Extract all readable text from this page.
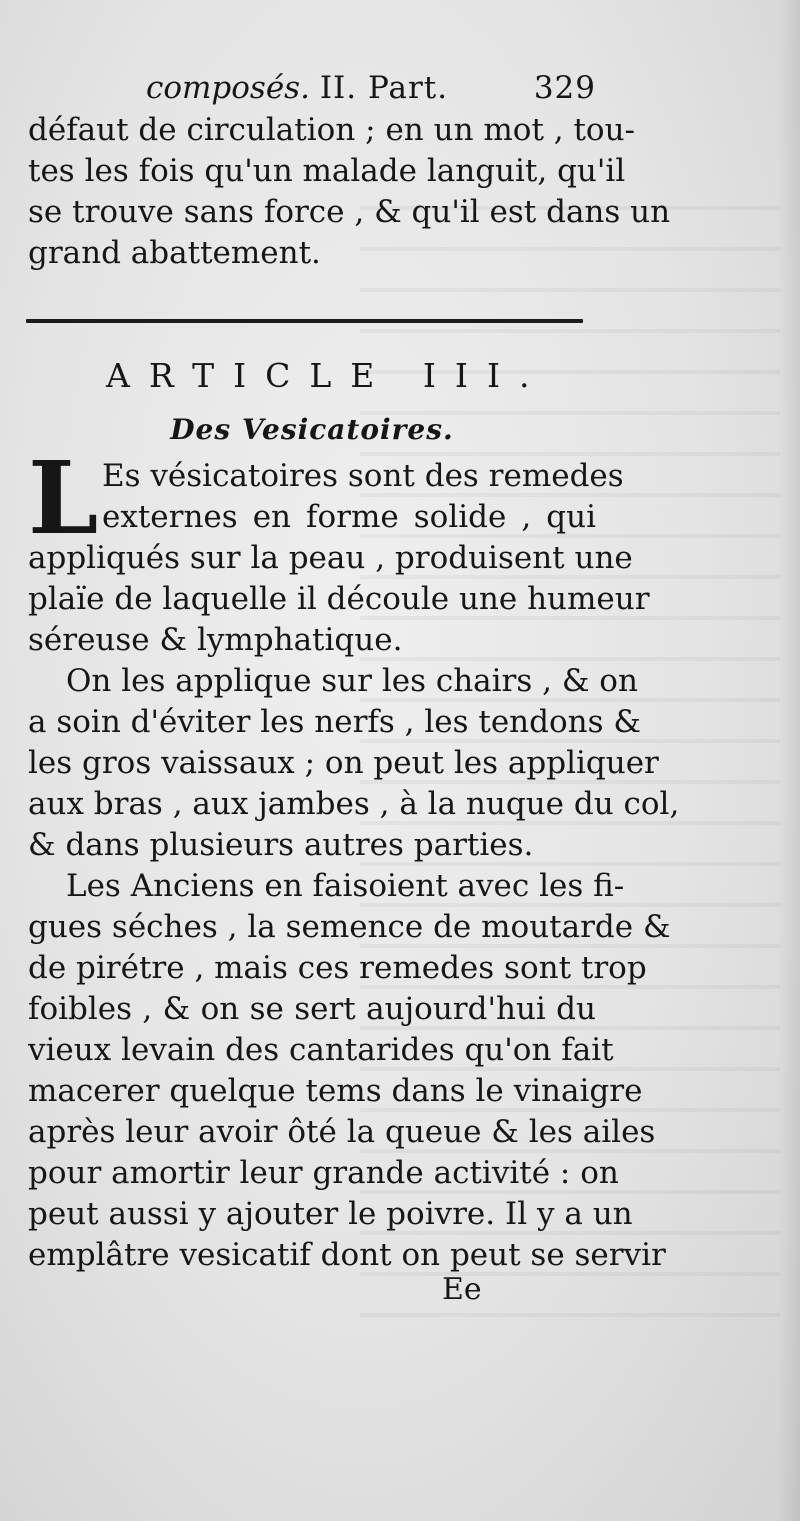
composés. II. Part.	329
défaut de circulation ; en un mot , tou-
tes les fois qu'un malade languit, qu'il
se trouve sans force , & qu'il est dans un
grand abattement.
ARTICLE III.
Des Vesicatoires.
L Es vésicatoires sont des remedes
externes en forme solide , qui
appliqués sur la peau , produisent une
plaïe de laquelle il découle une humeur
séreuse & lymphatique.
On les applique sur les chairs , & on
a soin d'éviter les nerfs , les tendons &
les gros vaissaux ; on peut les appliquer
aux bras , aux jambes , à la nuque du col,
& dans plusieurs autres parties.
Les Anciens en faisoient avec les fi-
gues séches , la semence de moutarde &
de pirétre , mais ces remedes sont trop
foibles , & on se sert aujourd'hui du
vieux levain des cantarides qu'on fait
macerer quelque tems dans le vinaigre
après leur avoir ôté la queue & les ailes
pour amortir leur grande activité : on
peut aussi y ajouter le poivre. Il y a un
emplâtre vesicatif dont on peut se servir
Ee
